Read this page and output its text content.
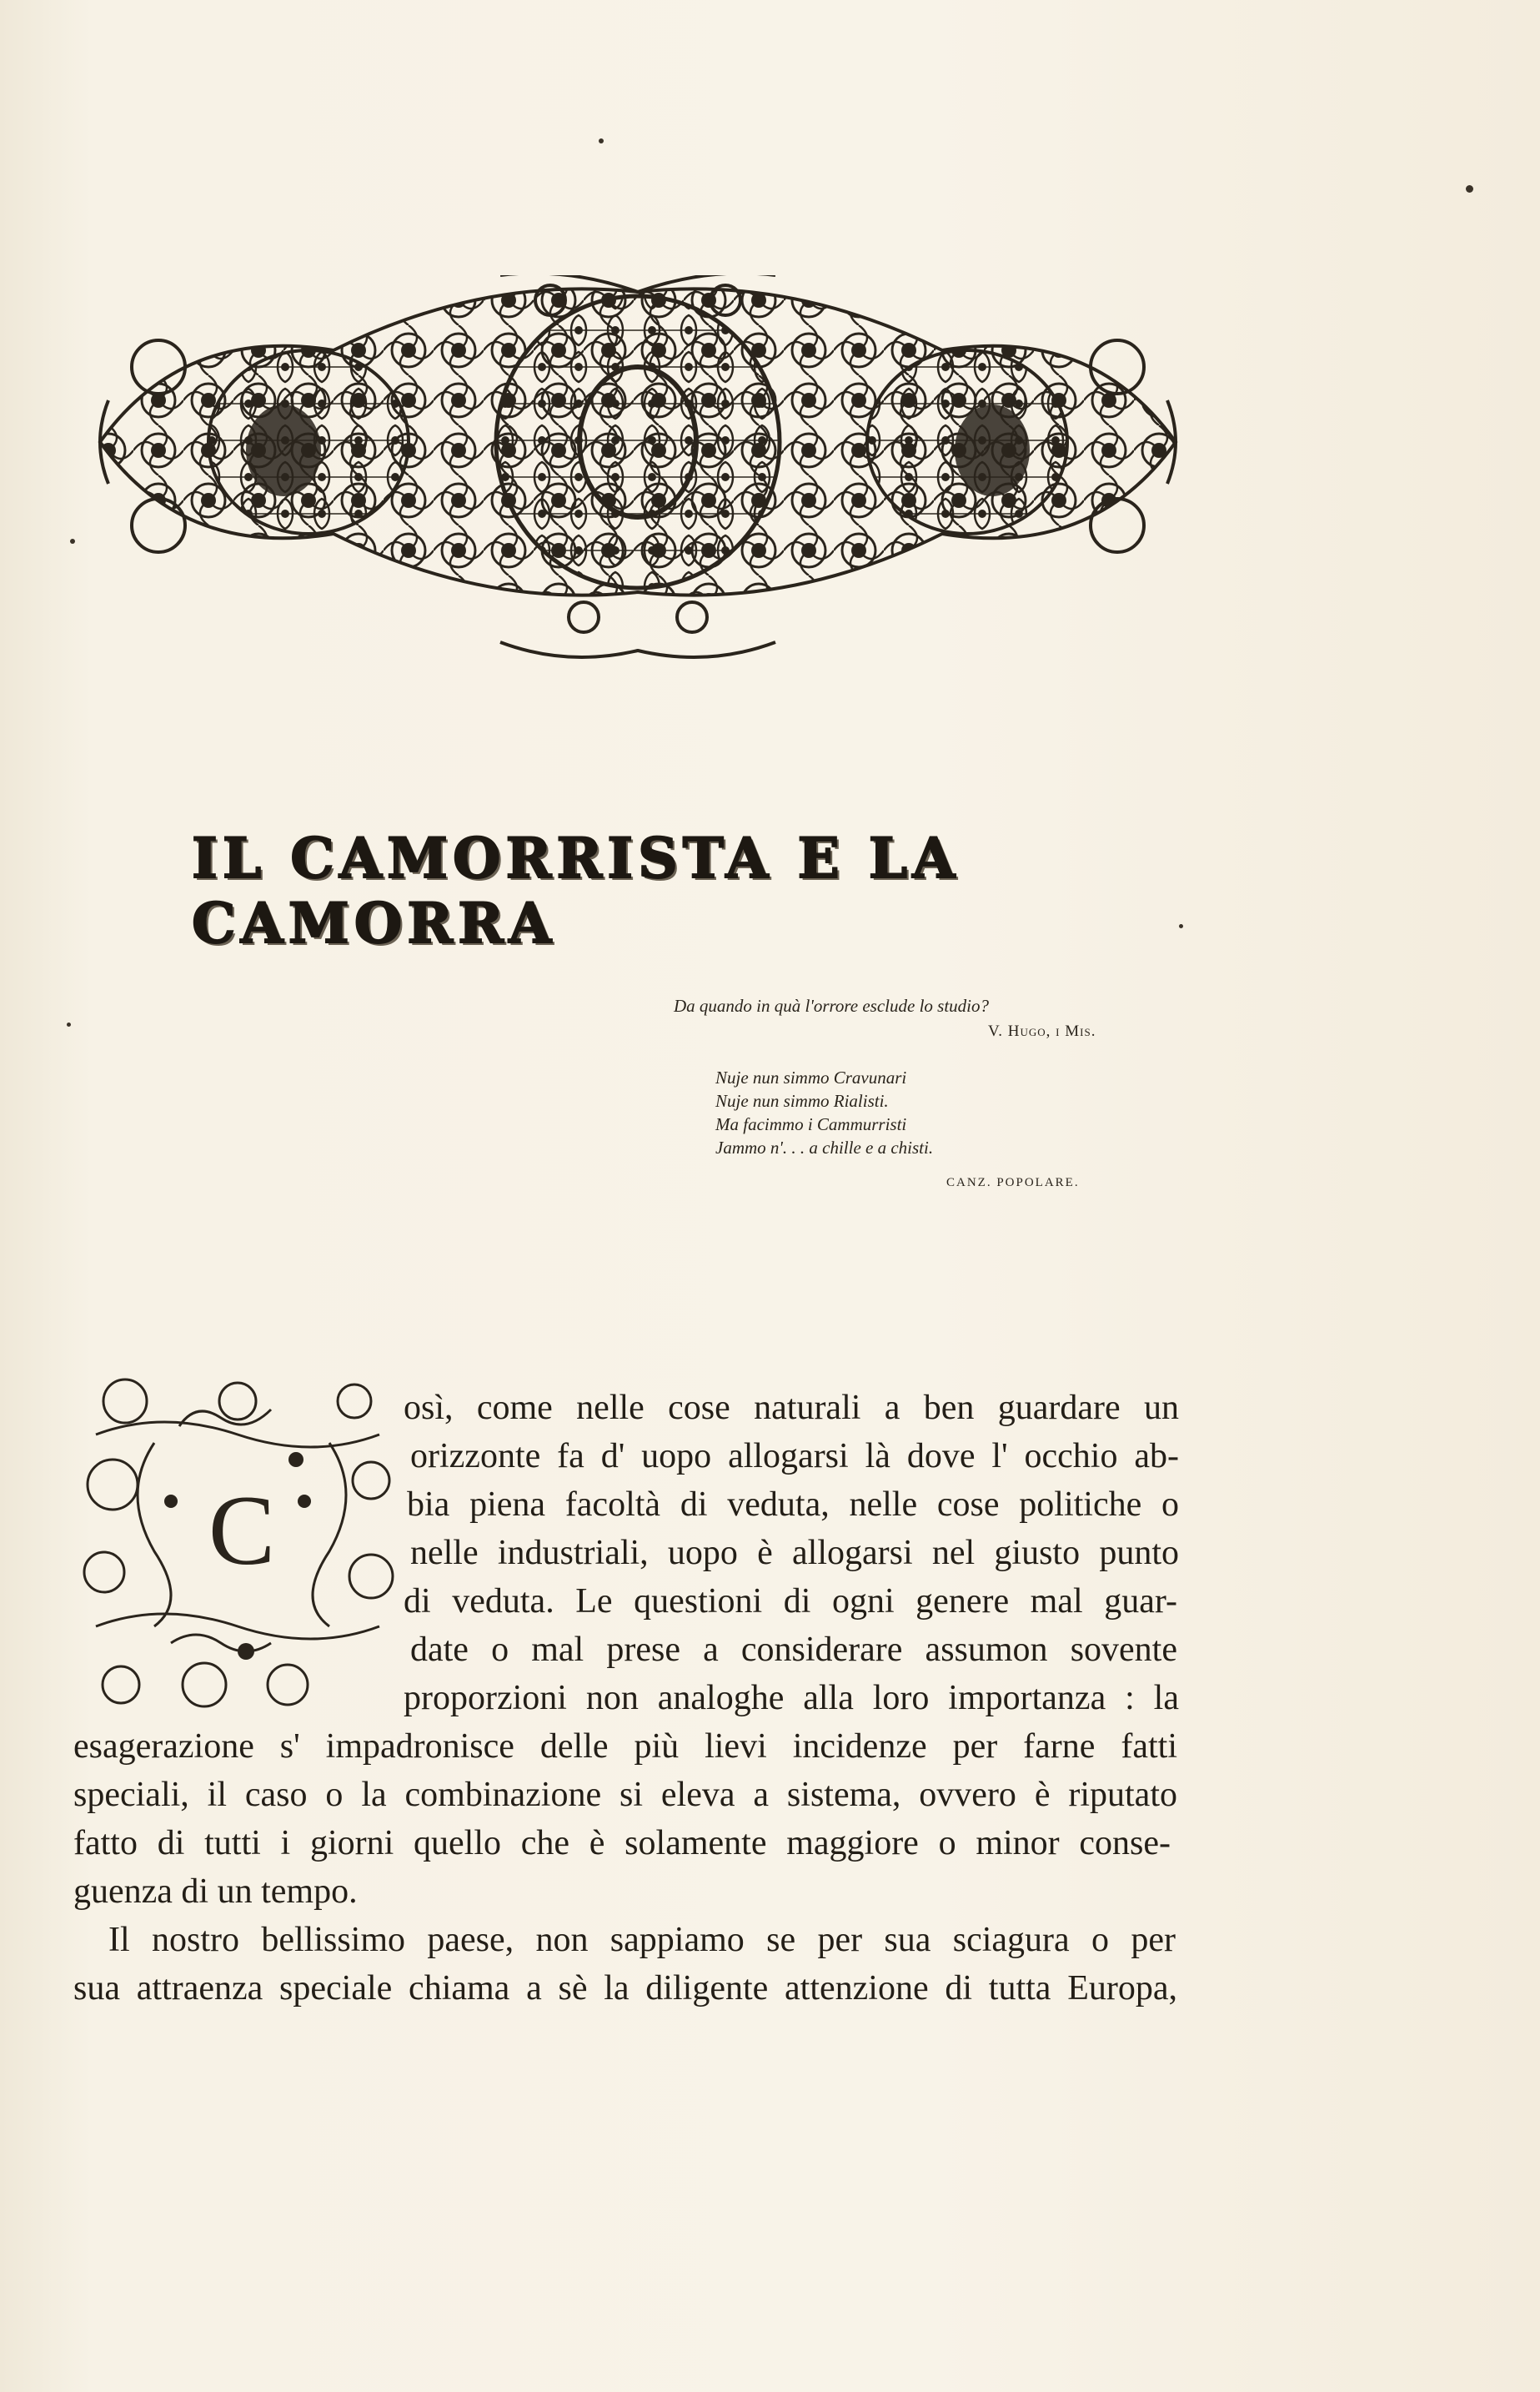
IL CAMORRISTA E LA CAMORRA
Da quando in quà l'orrore esclude lo studio?
V. Hugo, i Mis.
Nuje nun simmo Cravunari
Nuje nun simmo Rialisti.
Ma facimmo i Cammurristi
Jammo n'. . . a chille e a chisti.
CANZ. POPOLARE.
C
osì, come nelle cose naturali a ben guardare un
orizzonte fa d' uopo allogarsi là dove l' occhio ab-
bia piena facoltà di veduta, nelle cose politiche o
nelle industriali, uopo è allogarsi nel giusto punto
di veduta. Le questioni di ogni genere mal guar-
date o mal prese a considerare assumon sovente
proporzioni non analoghe alla loro importanza : la
esagerazione s' impadronisce delle più lievi incidenze per farne fatti
speciali, il caso o la combinazione si eleva a sistema, ovvero è riputato
fatto di tutti i giorni quello che è solamente maggiore o minor conse-
guenza di un tempo.
Il nostro bellissimo paese, non sappiamo se per sua sciagura o per
sua attraenza speciale chiama a sè la diligente attenzione di tutta Europa,
